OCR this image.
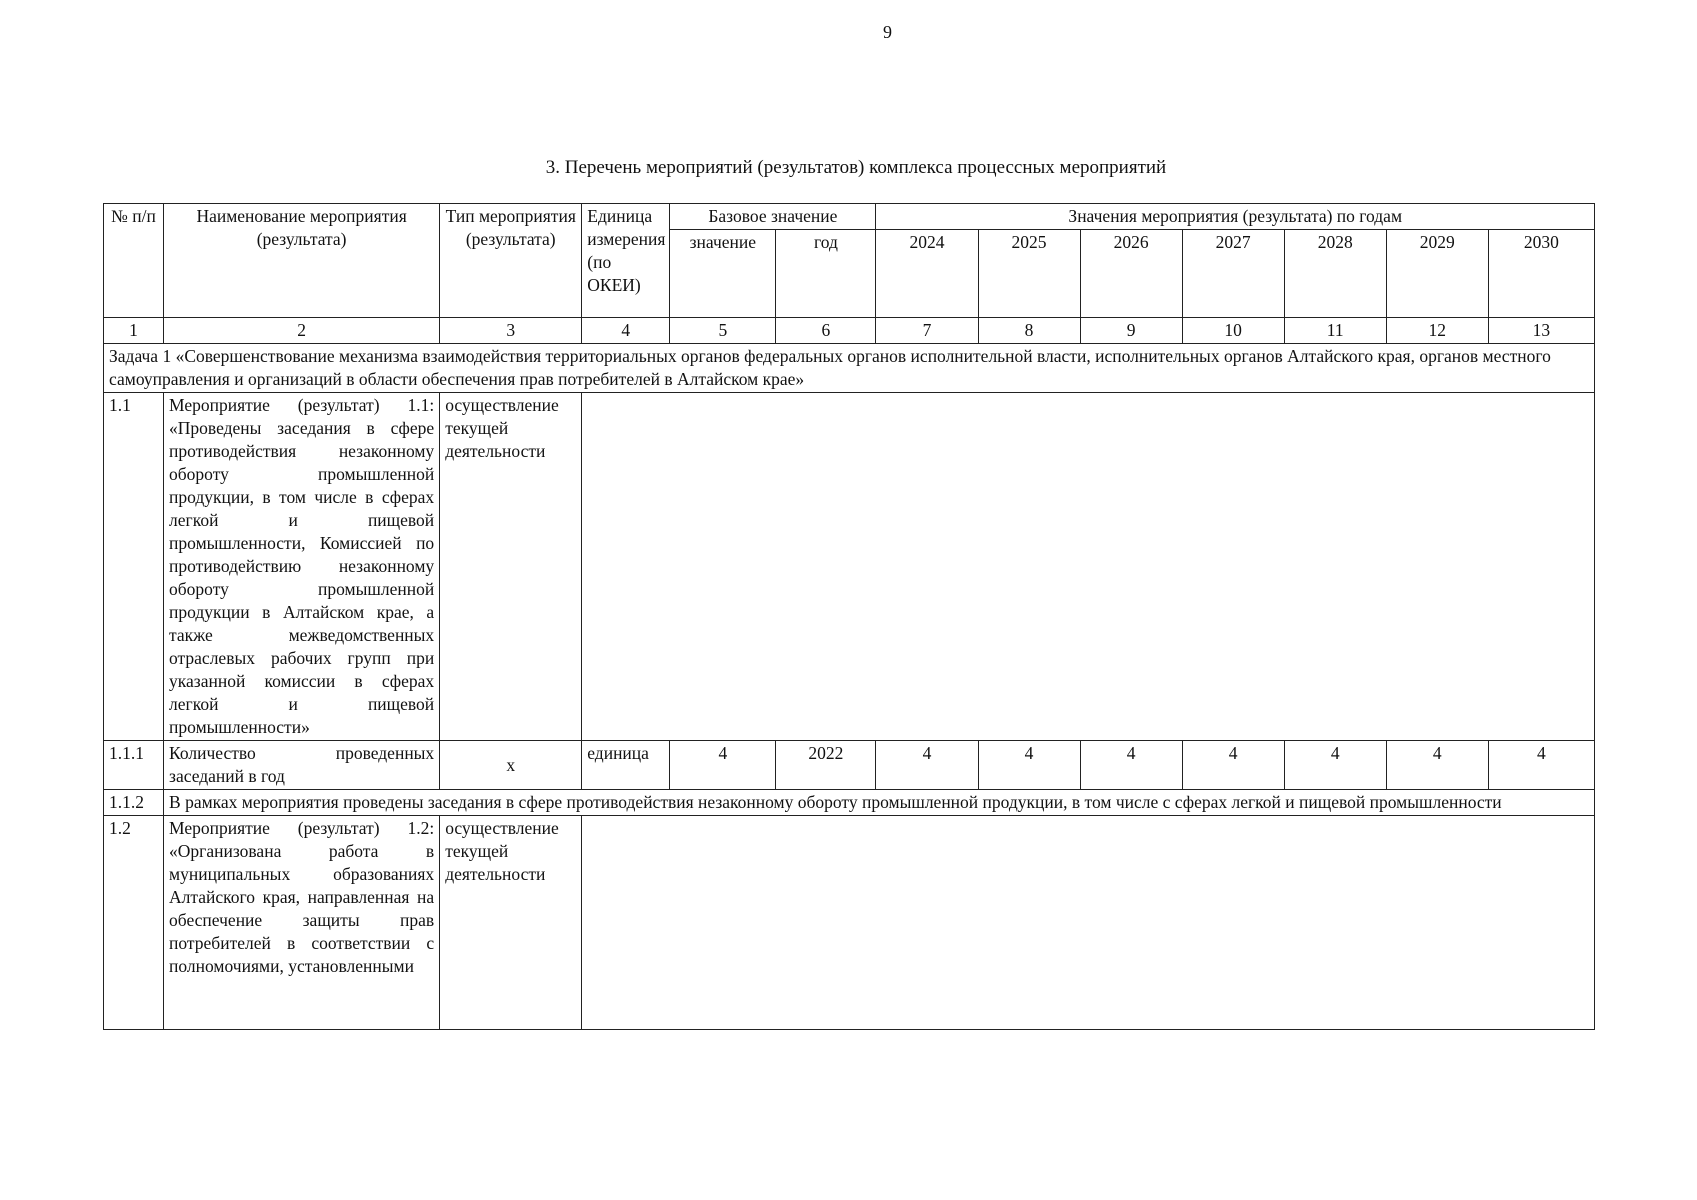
9
3. Перечень мероприятий (результатов) комплекса процессных мероприятий
№ п/п	Наименование мероприятия (результата)	Тип мероприятия (результата)	Единица измерения (по ОКЕИ)	Базовое значение		Значения мероприятия (результата) по годам						
				значение	год	2024	2025	2026	2027	2028	2029	2030
1	2	3	4	5	6	7	8	9	10	11	12	13
Задача 1 «Совершенствование механизма взаимодействия территориальных органов федеральных органов исполнительной власти, исполнительных органов Алтайского края, органов местного самоуправления и организаций в области обеспечения прав потребителей в Алтайском крае»												
1.1	Мероприятие (результат) 1.1: «Проведены заседания в сфере противодействия незаконному обороту промышленной продукции, в том числе в сферах легкой и пищевой промышленности, Комиссией по противодействию незаконному обороту промышленной продукции в Алтайском крае, а также межведомственных отраслевых рабочих групп при указанной комиссии в сферах легкой и пищевой промышленности»	осуществление текущей деятельности										
1.1.1	Количество проведенных заседаний в год	x	единица	4	2022	4	4	4	4	4	4	4
1.1.2	В рамках мероприятия проведены заседания в сфере противодействия незаконному обороту промышленной продукции, в том числе с сферах легкой и пищевой промышленности											
1.2	Мероприятие (результат) 1.2: «Организована работа в муниципальных образованиях Алтайского края, направленная на обеспечение защиты прав потребителей в соответствии с полномочиями, установленными	осуществление текущей деятельности										
